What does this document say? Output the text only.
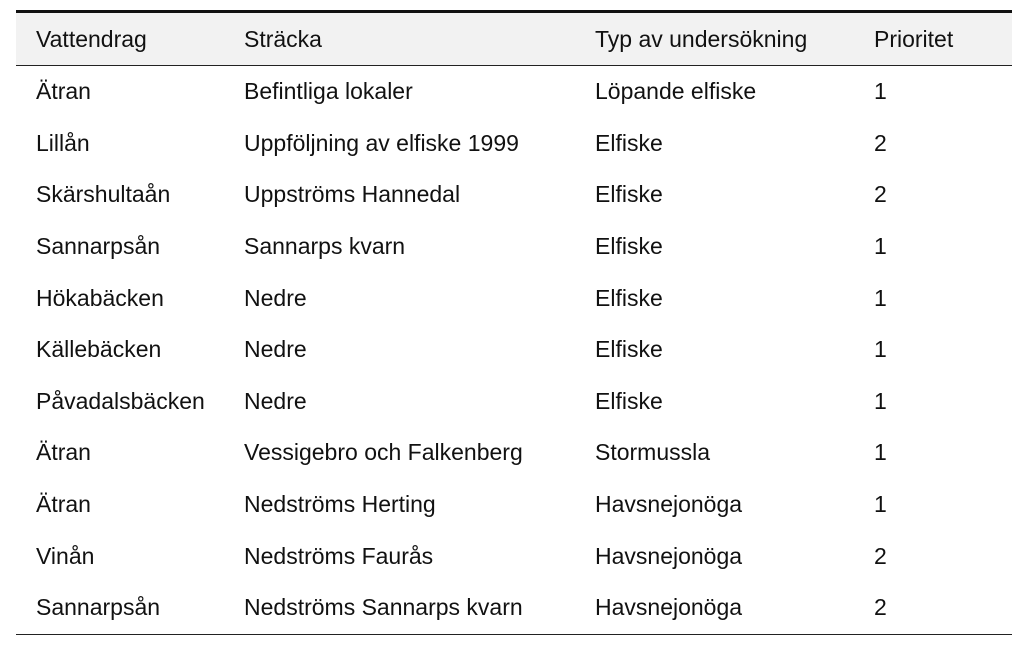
Vattendrag	Sträcka	Typ av undersökning	Prioritet
Ätran	Befintliga lokaler	Löpande elfiske	1
Lillån	Uppföljning av elfiske 1999	Elfiske	2
Skärshultaån	Uppströms Hannedal	Elfiske	2
Sannarpsån	Sannarps kvarn	Elfiske	1
Hökabäcken	Nedre	Elfiske	1
Källebäcken	Nedre	Elfiske	1
Påvadalsbäcken	Nedre	Elfiske	1
Ätran	Vessigebro och Falkenberg	Stormussla	1
Ätran	Nedströms Herting	Havsnejonöga	1
Vinån	Nedströms Faurås	Havsnejonöga	2
Sannarpsån	Nedströms Sannarps kvarn	Havsnejonöga	2
